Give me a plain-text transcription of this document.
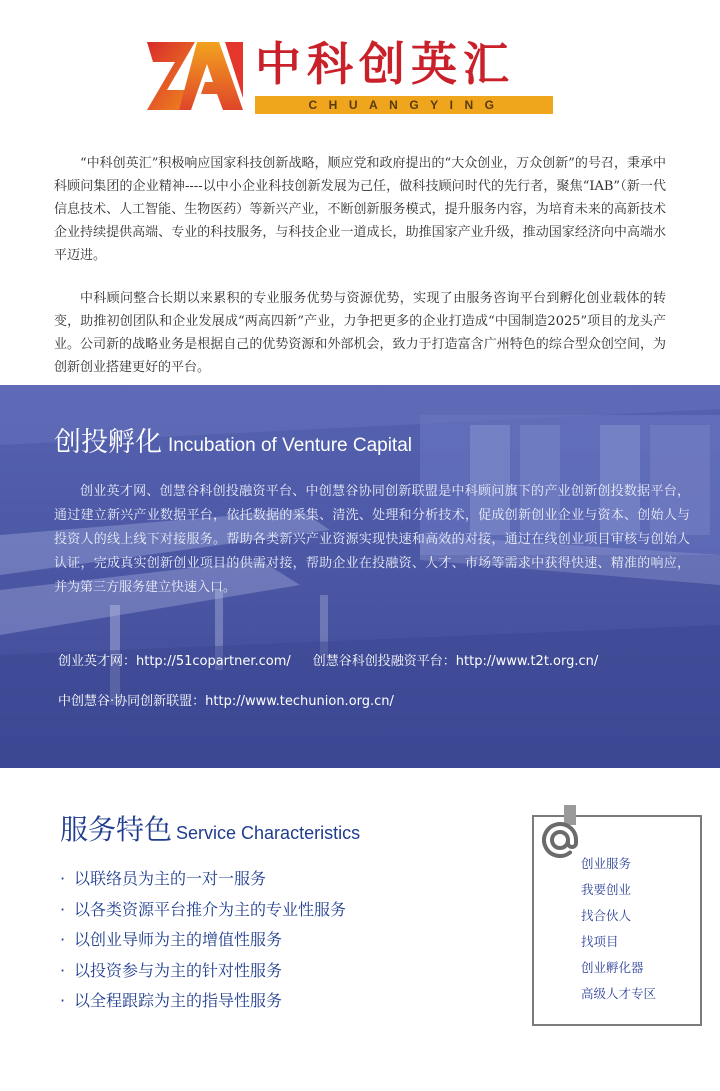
中科创英汇
CHUANGYING

“中科创英汇”积极响应国家科技创新战略，顺应党和政府提出的“大众创业，万众创新”的号召，秉承中科顾问集团的企业精神----以中小企业科技创新发展为己任，做科技顾问时代的先行者，聚焦“IAB”（新一代信息技术、人工智能、生物医药）等新兴产业，不断创新服务模式，提升服务内容，为培育未来的高新技术企业持续提供高端、专业的科技服务，与科技企业一道成长，助推国家产业升级，推动国家经济向中高端水平迈进。

中科顾问整合长期以来累积的专业服务优势与资源优势，实现了由服务咨询平台到孵化创业载体的转变，助推初创团队和企业发展成“两高四新”产业，力争把更多的企业打造成“中国制造2025”项目的龙头产业。公司新的战略业务是根据自己的优势资源和外部机会，致力于打造富含广州特色的综合型众创空间，为创新创业搭建更好的平台。

创投孵化 Incubation of Venture Capital

创业英才网、创慧谷科创投融资平台、中创慧谷协同创新联盟是中科顾问旗下的产业创新创投数据平台，通过建立新兴产业数据平台，依托数据的采集、清洗、处理和分析技术，促成创新创业企业与资本、创始人与投资人的线上线下对接服务。帮助各类新兴产业资源实现快速和高效的对接，通过在线创业项目审核与创始人认证，完成真实创新创业项目的供需对接，帮助企业在投融资、人才、市场等需求中获得快速、精准的响应，并为第三方服务建立快速入口。

创业英才网：http://51copartner.com/ 创慧谷科创投融资平台：http://www.t2t.org.cn/
中创慧谷·协同创新联盟：http://www.techunion.org.cn/
服务特色 Service Characteristics
· 以联络员为主的一对一服务
· 以各类资源平台推介为主的专业性服务
· 以创业导师为主的增值性服务
· 以投资参与为主的针对性服务
· 以全程跟踪为主的指导性服务
创业服务
我要创业
找合伙人
找项目
创业孵化器
高级人才专区
